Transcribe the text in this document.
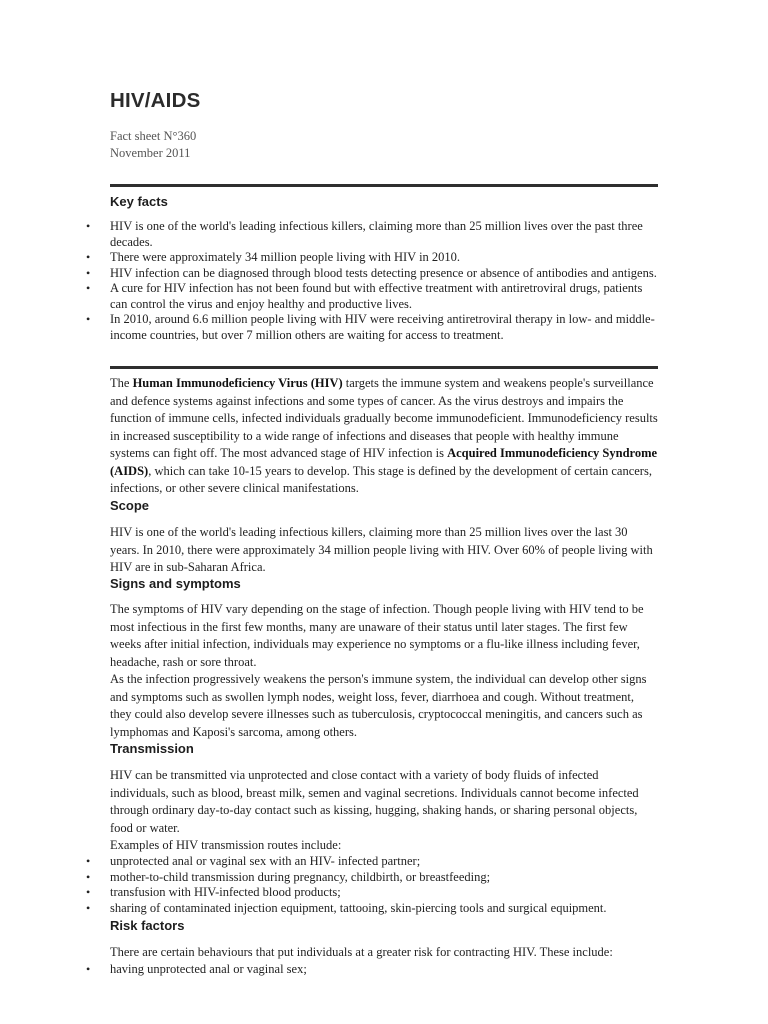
HIV/AIDS
Fact sheet N°360
November 2011
Key facts
• HIV is one of the world's leading infectious killers, claiming more than 25 million lives over the past three decades.
• There were approximately 34 million people living with HIV in 2010.
• HIV infection can be diagnosed through blood tests detecting presence or absence of antibodies and antigens.
• A cure for HIV infection has not been found but with effective treatment with antiretroviral drugs, patients can control the virus and enjoy healthy and productive lives.
• In 2010, around 6.6 million people living with HIV were receiving antiretroviral therapy in low- and middle-income countries, but over 7 million others are waiting for access to treatment.

The Human Immunodeficiency Virus (HIV) targets the immune system and weakens people's surveillance and defence systems against infections and some types of cancer. As the virus destroys and impairs the function of immune cells, infected individuals gradually become immunodeficient. Immunodeficiency results in increased susceptibility to a wide range of infections and diseases that people with healthy immune systems can fight off. The most advanced stage of HIV infection is Acquired Immunodeficiency Syndrome (AIDS), which can take 10-15 years to develop. This stage is defined by the development of certain cancers, infections, or other severe clinical manifestations.

Scope

HIV is one of the world's leading infectious killers, claiming more than 25 million lives over the last 30 years. In 2010, there were approximately 34 million people living with HIV. Over 60% of people living with HIV are in sub-Saharan Africa.

Signs and symptoms

The symptoms of HIV vary depending on the stage of infection. Though people living with HIV tend to be most infectious in the first few months, many are unaware of their status until later stages. The first few weeks after initial infection, individuals may experience no symptoms or a flu-like illness including fever, headache, rash or sore throat.

As the infection progressively weakens the person's immune system, the individual can develop other signs and symptoms such as swollen lymph nodes, weight loss, fever, diarrhoea and cough. Without treatment, they could also develop severe illnesses such as tuberculosis, cryptococcal meningitis, and cancers such as lymphomas and Kaposi's sarcoma, among others.

Transmission

HIV can be transmitted via unprotected and close contact with a variety of body fluids of infected individuals, such as blood, breast milk, semen and vaginal secretions. Individuals cannot become infected through ordinary day-to-day contact such as kissing, hugging, shaking hands, or sharing personal objects, food or water.

Examples of HIV transmission routes include:

• unprotected anal or vaginal sex with an HIV- infected partner;
• mother-to-child transmission during pregnancy, childbirth, or breastfeeding;
• transfusion with HIV-infected blood products;
• sharing of contaminated injection equipment, tattooing, skin-piercing tools and surgical equipment.
Risk factors

There are certain behaviours that put individuals at a greater risk for contracting HIV. These include:

• having unprotected anal or vaginal sex;
